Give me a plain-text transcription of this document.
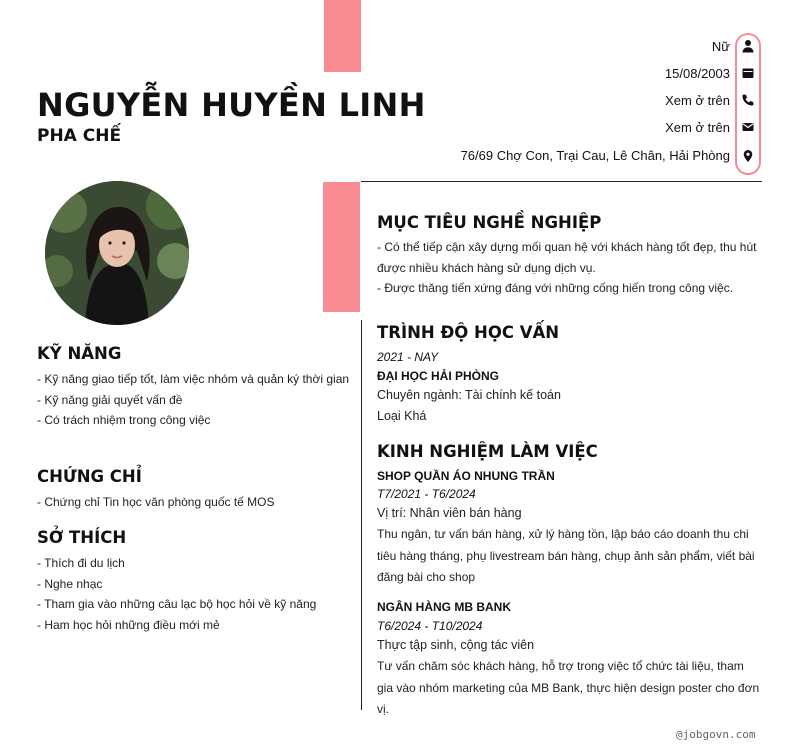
NGUYỄN HUYỀN LINH
PHA CHẾ
Nữ
15/08/2003
Xem ở trên
Xem ở trên
76/69 Chợ Con, Trại Cau, Lê Chân, Hải Phòng
KỸ NĂNG
- Kỹ năng giao tiếp tốt, làm việc nhóm và quản ký thời gian
- Kỹ năng giải quyết vấn đề
- Có trách nhiệm trong công việc
CHỨNG CHỈ
- Chứng chỉ Tin học văn phòng quốc tế MOS
SỞ THÍCH
- Thích đi du lịch
- Nghe nhạc
- Tham gia vào những câu lạc bộ học hỏi về kỹ năng
- Ham học hỏi những điều mới mẻ
MỤC TIÊU NGHỀ NGHIỆP
- Có thể tiếp cận xây dựng mối quan hệ với khách hàng tốt đẹp, thu hút được nhiều khách hàng sử dụng dịch vụ.
- Được thăng tiến xứng đáng với những cống hiến trong công việc.
TRÌNH ĐỘ HỌC VẤN
2021 - NAY
ĐẠI HỌC HẢI PHÒNG
Chuyên ngành: Tài chính kế toán
Loại Khá
KINH NGHIỆM LÀM VIỆC
SHOP QUẦN ÁO NHUNG TRẦN
T7/2021 - T6/2024
Vị trí: Nhân viên bán hàng
Thu ngân, tư vấn bán hàng, xử lý hàng tồn, lập báo cáo doanh thu chi tiêu hàng tháng, phụ livestream bán hàng, chụp ảnh sản phẩm, viết bài đăng bài cho shop
NGÂN HÀNG MB BANK
T6/2024 - T10/2024
Thực tập sinh, cộng tác viên
Tư vấn chăm sóc khách hàng, hỗ trợ trong việc tổ chức tài liệu, tham gia vào nhóm marketing của MB Bank, thực hiện design poster cho đơn vị.
@jobgovn.com
